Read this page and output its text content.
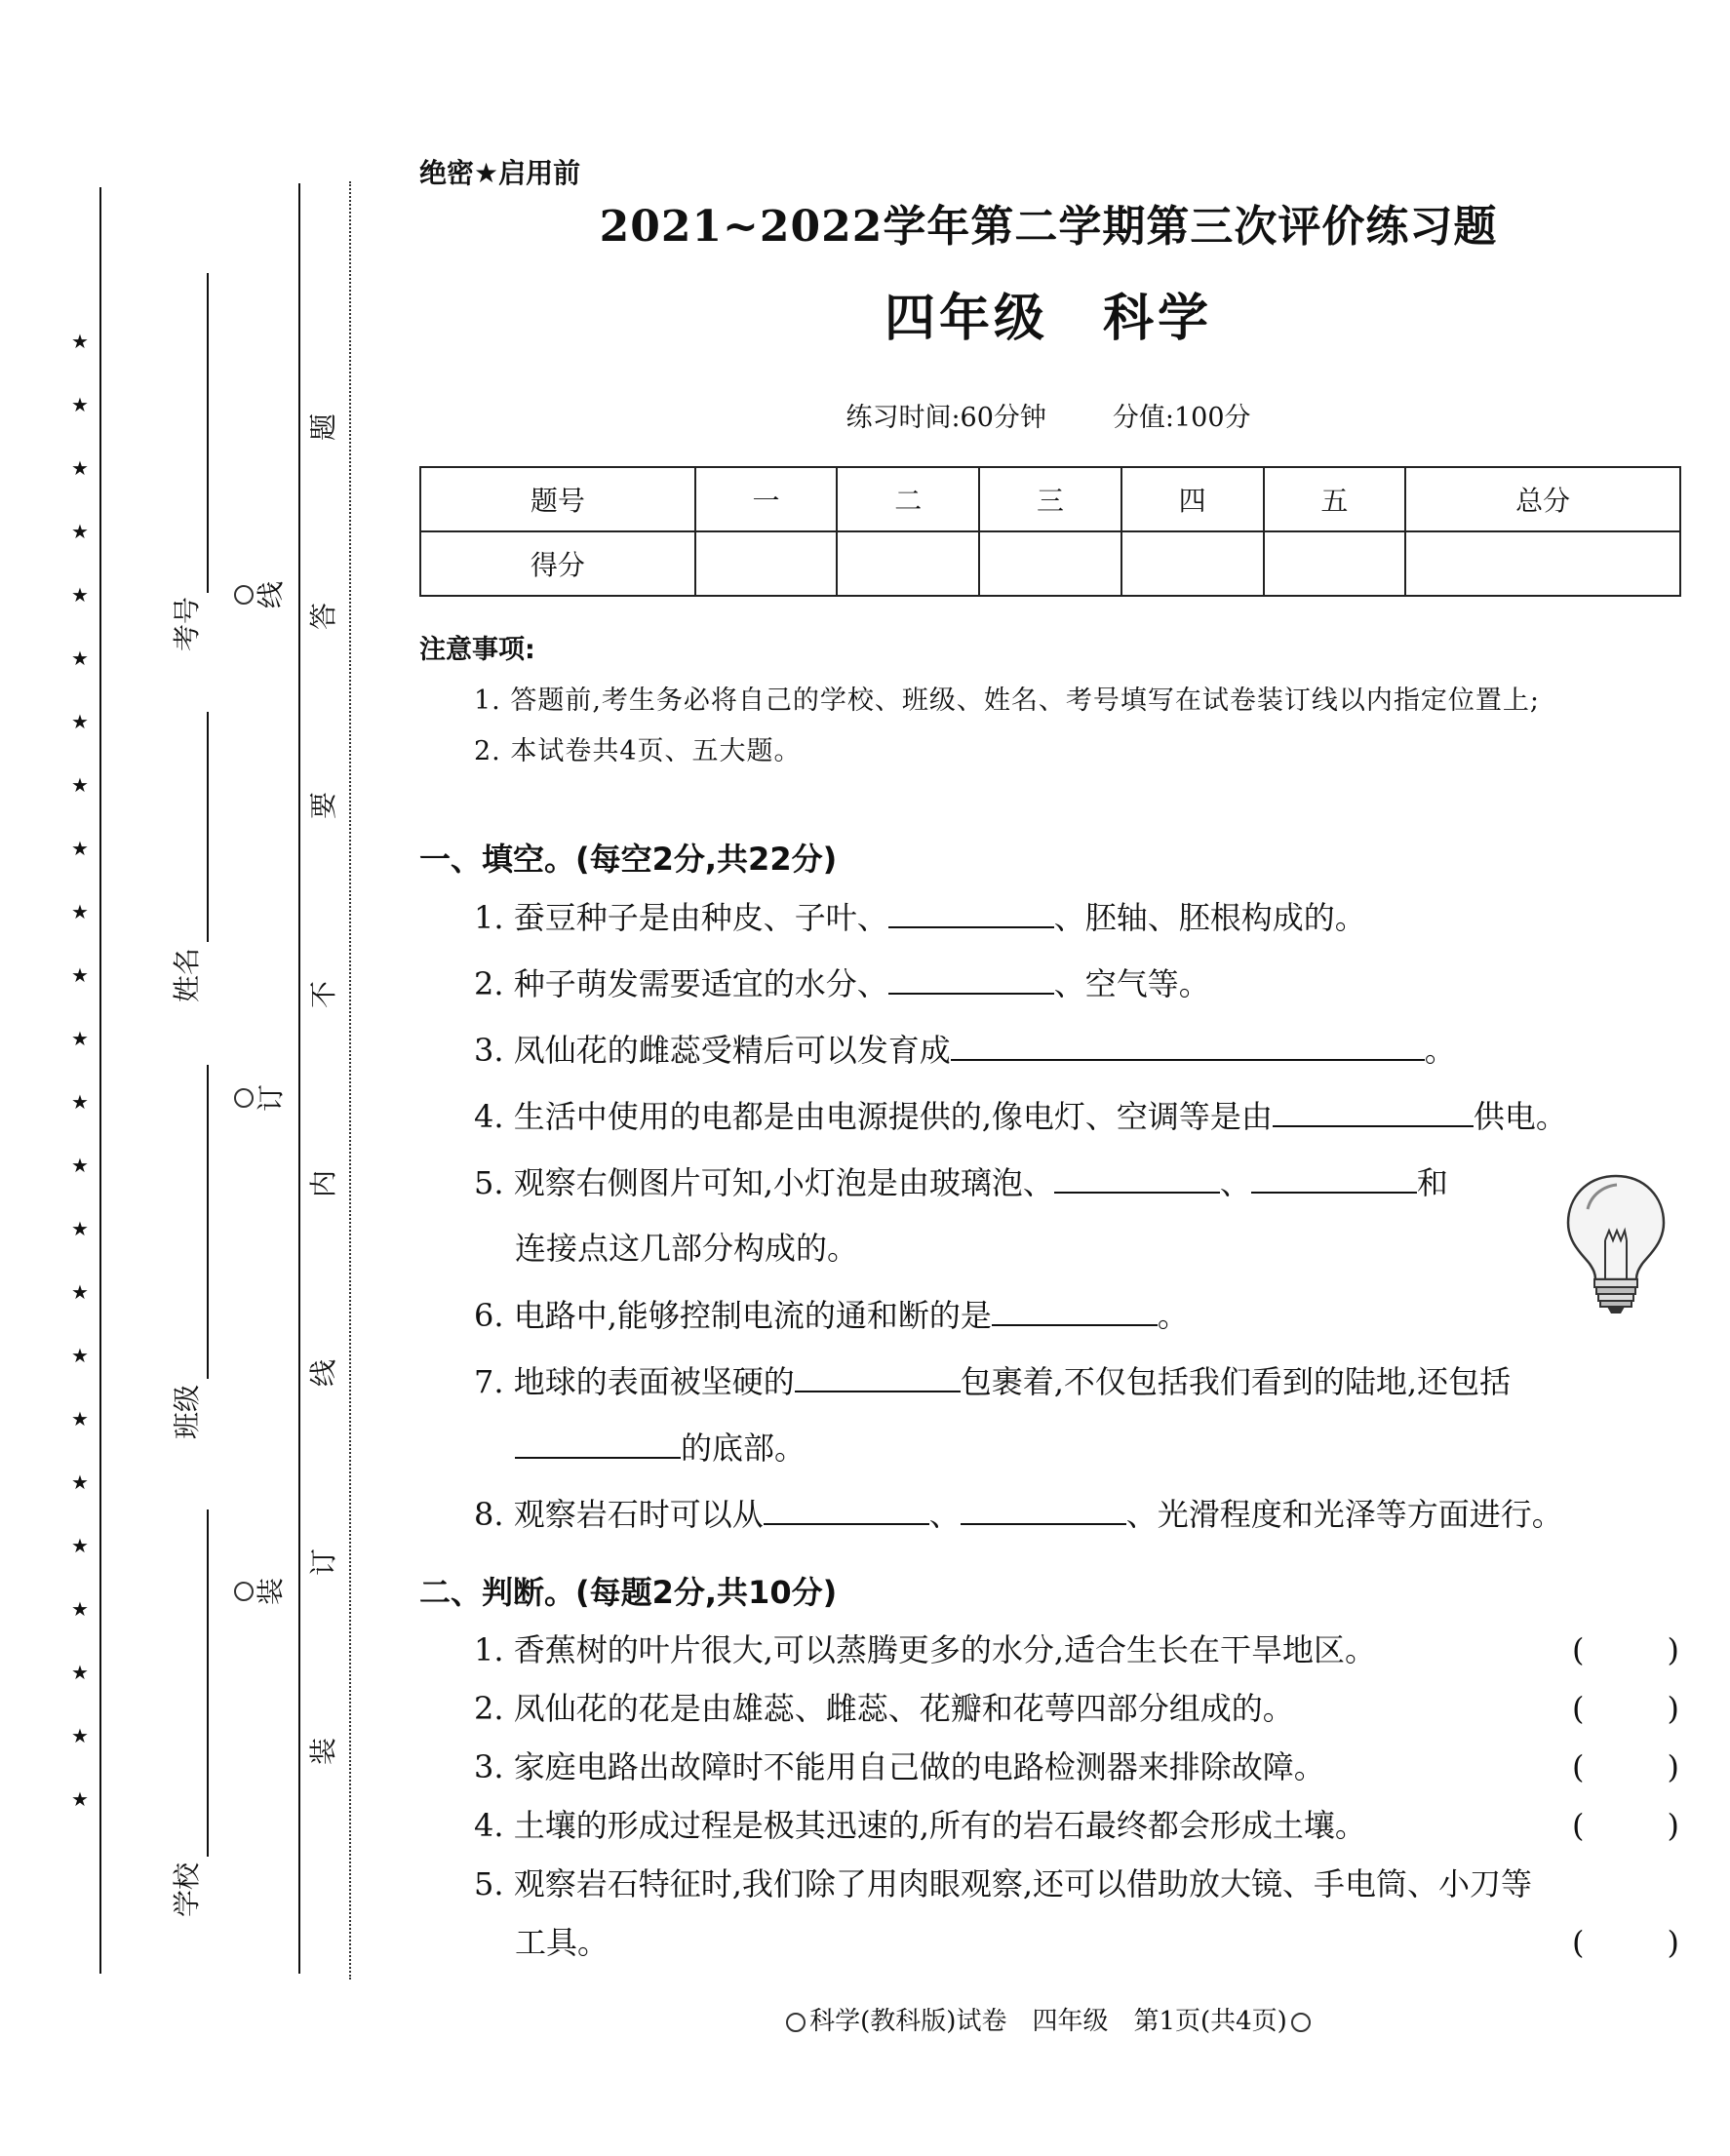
★
★
★
★
★
★
★
★
★
★
★
★
★
★
★
★
★
★
★
★
★
★
★
★
考号
姓名
班级
学校
线
订
装
题
答
要
不
内
线
订
装
绝密★启用前
2021~2022学年第二学期第三次评价练习题
四年级　科学
练习时间:60分钟	分值:100分
题号	一	二	三	四	五	总分
得分						
注意事项:
1. 答题前,考生务必将自己的学校、班级、姓名、考号填写在试卷装订线以内指定位置上;
2. 本试卷共4页、五大题。
一、填空。(每空2分,共22分)
1. 蚕豆种子是由种皮、子叶、	、胚轴、胚根构成的。
2. 种子萌发需要适宜的水分、	、空气等。
3. 凤仙花的雌蕊受精后可以发育成	。
4. 生活中使用的电都是由电源提供的,像电灯、空调等是由	供电。
5. 观察右侧图片可知,小灯泡是由玻璃泡、	、	和
连接点这几部分构成的。
6. 电路中,能够控制电流的通和断的是	。
7. 地球的表面被坚硬的	包裹着,不仅包括我们看到的陆地,还包括
的底部。
8. 观察岩石时可以从	、	、光滑程度和光泽等方面进行。
二、判断。(每题2分,共10分)
1. 香蕉树的叶片很大,可以蒸腾更多的水分,适合生长在干旱地区。	(	)
2. 凤仙花的花是由雄蕊、雌蕊、花瓣和花萼四部分组成的。	(	)
3. 家庭电路出故障时不能用自己做的电路检测器来排除故障。	(	)
4. 土壤的形成过程是极其迅速的,所有的岩石最终都会形成土壤。	(	)
5. 观察岩石特征时,我们除了用肉眼观察,还可以借助放大镜、手电筒、小刀等
工具。	(	)
科学(教科版)试卷　四年级　第1页(共4页)
